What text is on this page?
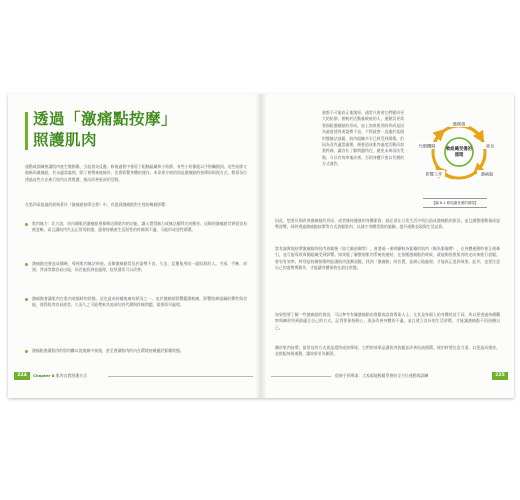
透過「激痛點按摩」
照護肌肉
運動或訓練會讓肌肉產生微創傷，引起發炎反應。修復過程中會留下粗糙組織和小結節，有些小結節能以手指觸摸到。這些結節又被稱為激痛點，若未適當處理，除了會帶來痠痛外，也會影響身體的運作。本章要介紹的即是激痛點的按摩原則與方式，教導各位透過這些方法進行肌肉自我照護，進而改善患部的活動。
在第四章提過的經典著作《激痛點按摩全書》中，有提到激痛點對生理的幾個影響：
肌肉無力：比方說，肩內側肌的激痛點會抑制這個肌肉的功能，讓人覺得無力或無法順利完成動作。這類的激痛點其實很容易被忽略，而且讓肌肉失去正常的收縮，還會持續產生反射性的疼痛與不適，可能形成惡性循環。
激痛點也會造成僵硬，導致肌肉無法伸展。這類激痛點常見於姿勢不良、久坐、反覆使用同一組肌群的人。手部、手腕、肩頸、背部等都容易出現，但若能找到並處理，症狀通常可以改善。
激痛點會讓肌肉在肌肉收縮時的狀態，這也造成持續痠痛的原因之一。由於激痛點影響範圍較廣，影響結締組織的彈性與功能，使得肌肉容易疲勞，久而久之可能帶來其他部位的代償與疼痛問題，需要即早處理。
激痛點會讓肌肉的肌肉難以從痠痛中恢復，甚至會讓肌肉的內在環境持續處於緊繃狀態。
224	Chapter 8 肌肉自我照護方式
滋都不可能真正地復原，通常只會使它們變成更大的結節，相較於活動量較低的人，運動員更需要預防激痛點的形成。加上如果肌肉的形成是因為過度使用或姿勢不良，不然就會一直處於某個形態無法放鬆，肌肉組織多半已經受到損傷，但因為沒有適當處理，便會造成肌肉過度活動而加重疼痛，讓各位了解問題所在，避免未來再次受傷，可以有效率地改善，否則身體只會以代償的方式運作。
軟組織受傷的
循環
微創傷
發炎
激痛點
影響工作
代償機制
【圖 8-1 軟組織受傷的循環】
因此，想要長期改善激痛點的形成，或者維持健康的身體素質，就必須在日常生活中找出造成激痛點的原因，並且調整運動量或姿勢習慣，同時透過激痛點按摩等方式放鬆肌肉，以減少身體受傷的風險，提升運動表現與生活品質。
當有誠實地按摩激痛點的肌肉放鬆後（如大腿前側等），會發現一來明顯較為緊繃的肌肉（稱為緊繃帶），在身體運動時會互相牽引，並可能導致周圍組織受到影響。如果能了解整個肌肉系統的連結，在按壓激痛點的時候，就能夠依照肌肉的走向來進行放鬆，會更有效率。特別是持續按壓時能讓肌肉逐漸放鬆，找到「激痛點」的位置，並耐心地處理，才能真正達到效果。此外，也要注意自己的姿勢與動作，才能讓身體保持在最佳狀態。
如果想要了解一些激痛點的資訊，可以參考有關激痛點的書籍或諮詢專業人士。尤其是每個人的身體狀況不同，所以要透過持續觀察與練習找到最適合自己的方式。記得要保持耐心，逐步改善身體的不適，並且建立良好的生活習慣，才能讓激痛點不再困擾自己。
關於肌肉按摩，最常見的方式就是滾筒或按摩球，它們的效果是讓肌肉放鬆並改善血液循環。使用時要注意力道，以免造成傷害，並搭配伸展運動，讓效果更為顯著。
從新手到專業：大家都能輕鬆學會的全方位運動與訓練	225
